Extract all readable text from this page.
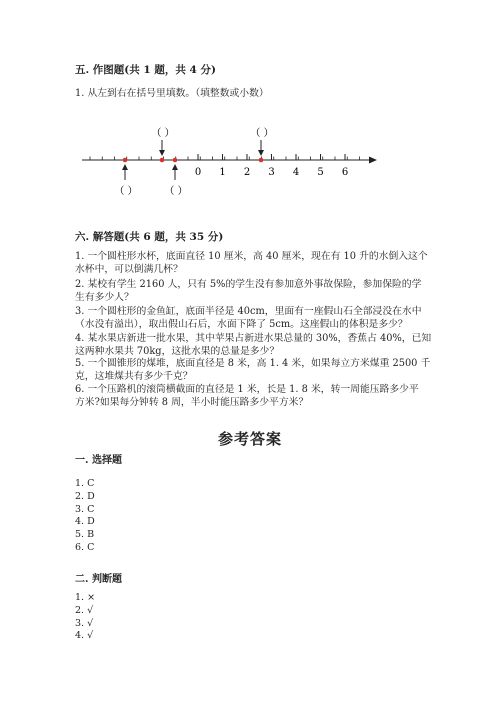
五. 作图题(共 1 题，共 4 分)
1. 从左到右在括号里填数。（填整数或小数）
0 1 2 3 4 5 6
（ ）	（ ）
（ ）	（ ）
六. 解答题(共 6 题，共 35 分)
1. 一个圆柱形水杯，底面直径 10 厘米，高 40 厘米，现在有 10 升的水倒入这个
水杯中，可以倒满几杯？
2. 某校有学生 2160 人，只有 5%的学生没有参加意外事故保险，参加保险的学
生有多少人？
3. 一个圆柱形的金鱼缸，底面半径是 40cm，里面有一座假山石全部浸没在水中
（水没有溢出），取出假山石后，水面下降了 5cm。这座假山的体积是多少？
4. 某水果店新进一批水果，其中苹果占新进水果总量的 30%，香蕉占 40%，已知
这两种水果共 70kg，这批水果的总量是多少？
5. 一个圆锥形的煤堆，底面直径是 8 米，高 1. 4 米，如果每立方米煤重 2500 千
克，这堆煤共有多少千克？
6. 一个压路机的滚筒横截面的直径是 1 米，长是 1. 8 米，转一周能压路多少平
方米?如果每分钟转 8 周，半小时能压路多少平方米？
参考答案
一. 选择题
1. C
2. D
3. C
4. D
5. B
6. C
二. 判断题
1. ×
2. √
3. √
4. √
